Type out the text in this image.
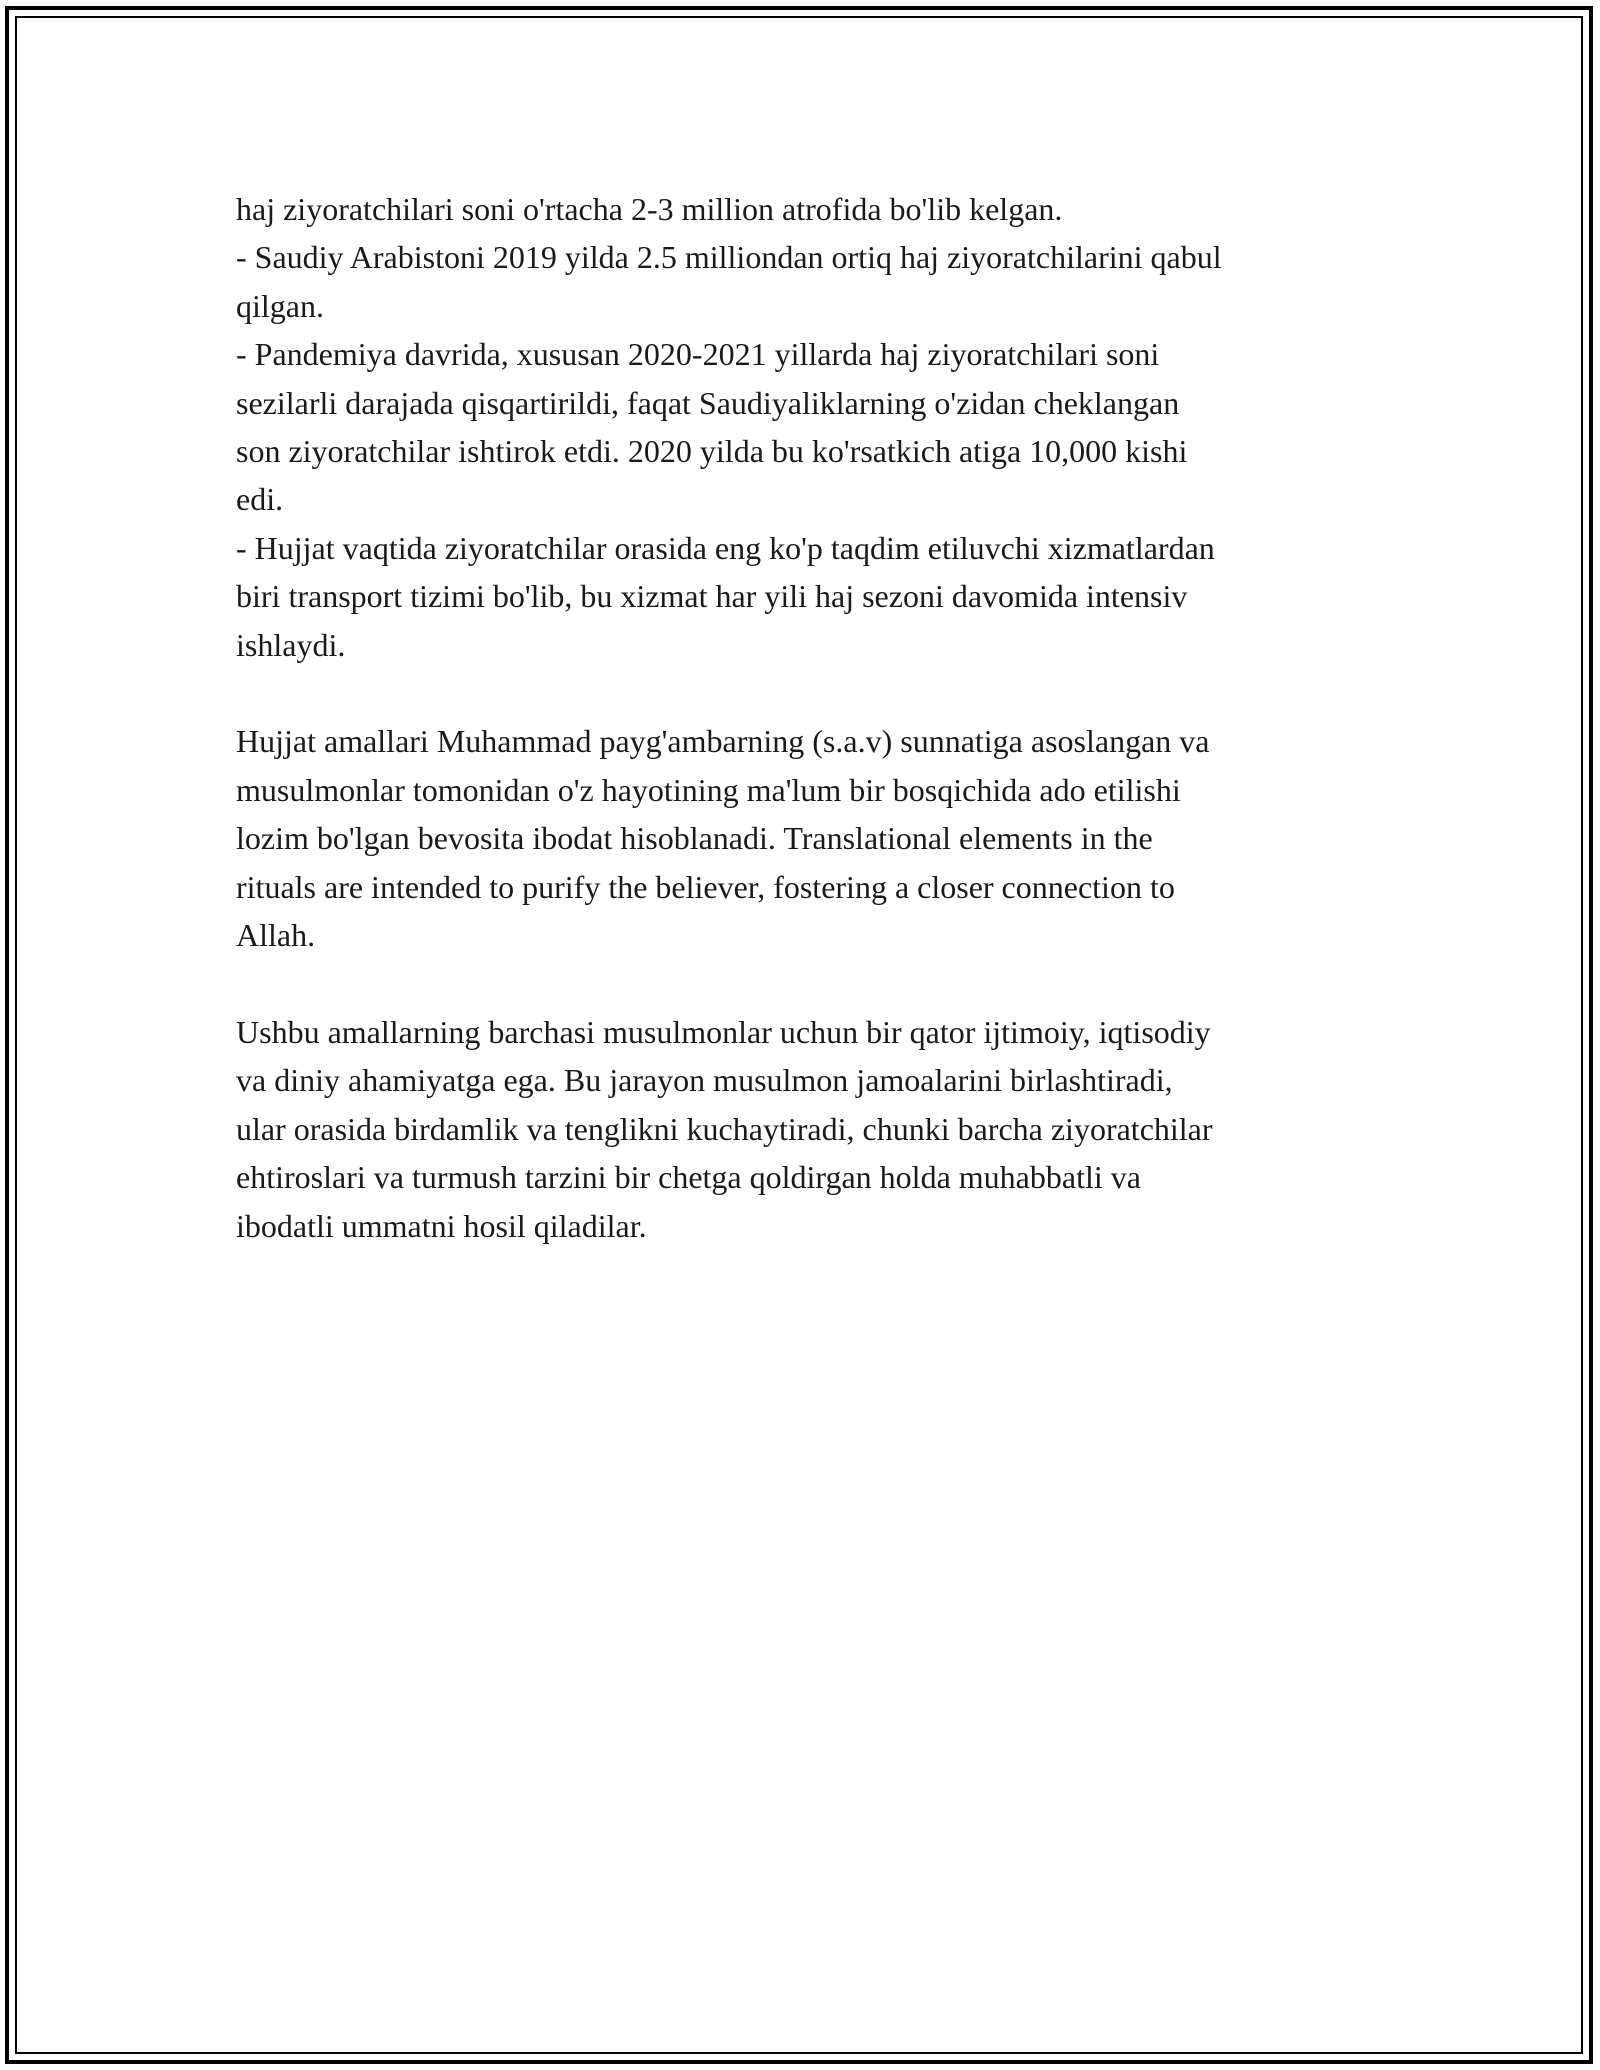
haj ziyoratchilari soni o'rtacha 2-3 million atrofida bo'lib kelgan.
- Saudiy Arabistoni 2019 yilda 2.5 milliondan ortiq haj ziyoratchilarini qabul
qilgan.
- Pandemiya davrida, xususan 2020-2021 yillarda haj ziyoratchilari soni
sezilarli darajada qisqartirildi, faqat Saudiyaliklarning o'zidan cheklangan
son ziyoratchilar ishtirok etdi. 2020 yilda bu ko'rsatkich atiga 10,000 kishi
edi.
- Hujjat vaqtida ziyoratchilar orasida eng ko'p taqdim etiluvchi xizmatlardan
biri transport tizimi bo'lib, bu xizmat har yili haj sezoni davomida intensiv
ishlaydi.
Hujjat amallari Muhammad payg'ambarning (s.a.v) sunnatiga asoslangan va
musulmonlar tomonidan o'z hayotining ma'lum bir bosqichida ado etilishi
lozim bo'lgan bevosita ibodat hisoblanadi. Translational elements in the
rituals are intended to purify the believer, fostering a closer connection to
Allah.
Ushbu amallarning barchasi musulmonlar uchun bir qator ijtimoiy, iqtisodiy
va diniy ahamiyatga ega. Bu jarayon musulmon jamoalarini birlashtiradi,
ular orasida birdamlik va tenglikni kuchaytiradi, chunki barcha ziyoratchilar
ehtiroslari va turmush tarzini bir chetga qoldirgan holda muhabbatli va
ibodatli ummatni hosil qiladilar.
